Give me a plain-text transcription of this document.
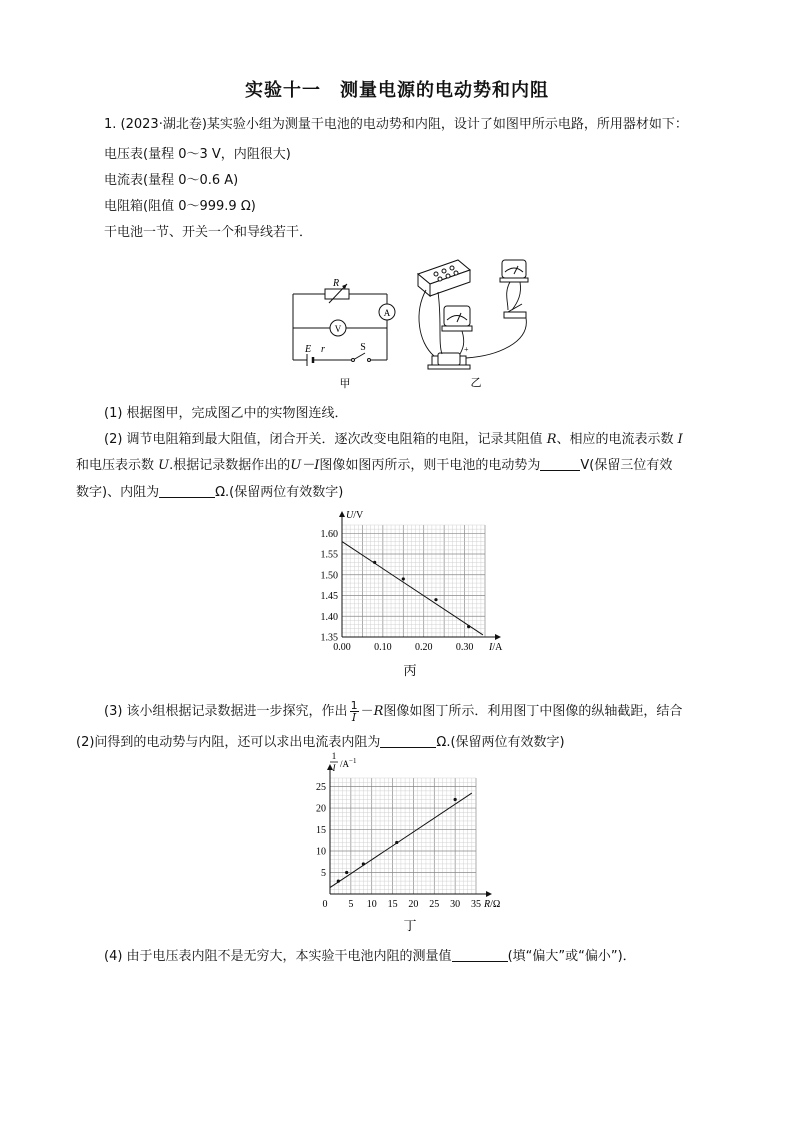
实验十一　测量电源的电动势和内阻
1. (2023·湖北卷)某实验小组为测量干电池的电动势和内阻，设计了如图甲所示电路，所用器材如下：
电压表(量程 0～3 V，内阻很大)
电流表(量程 0～0.6 A)
电阻箱(阻值 0～999.9 Ω)
干电池一节、开关一个和导线若干．
R
A
V
E r	S
甲
+
乙
(1) 根据图甲，完成图乙中的实物图连线．
(2) 调节电阻箱到最大阻值，闭合开关．逐次改变电阻箱的电阻，记录其阻值 R、相应的电流表示数 I
和电压表示数 U.根据记录数据作出的U－I图像如图丙所示，则干电池的电动势为	V(保留三位有效
数字)、内阻为	Ω.(保留两位有效数字)
0.00 0.10 0.20 0.30
1.35
1.40
1.45
1.50
1.55
1.60
U/V
I/A
丙
(3) 该小组根据记录数据进一步探究，作出 $\frac{1}{I} -R$图像如图丁所示．利用图丁中图像的纵轴截距，结合
(2)问得到的电动势与内阻，还可以求出电流表内阻为	Ω.(保留两位有效数字)
5 10 15 20 25 30 35
5
10
15
20
25
1
I $/A^{-1}$
0	R/Ω
丁
(4) 由于电压表内阻不是无穷大，本实验干电池内阻的测量值	(填“偏大”或“偏小”)．
